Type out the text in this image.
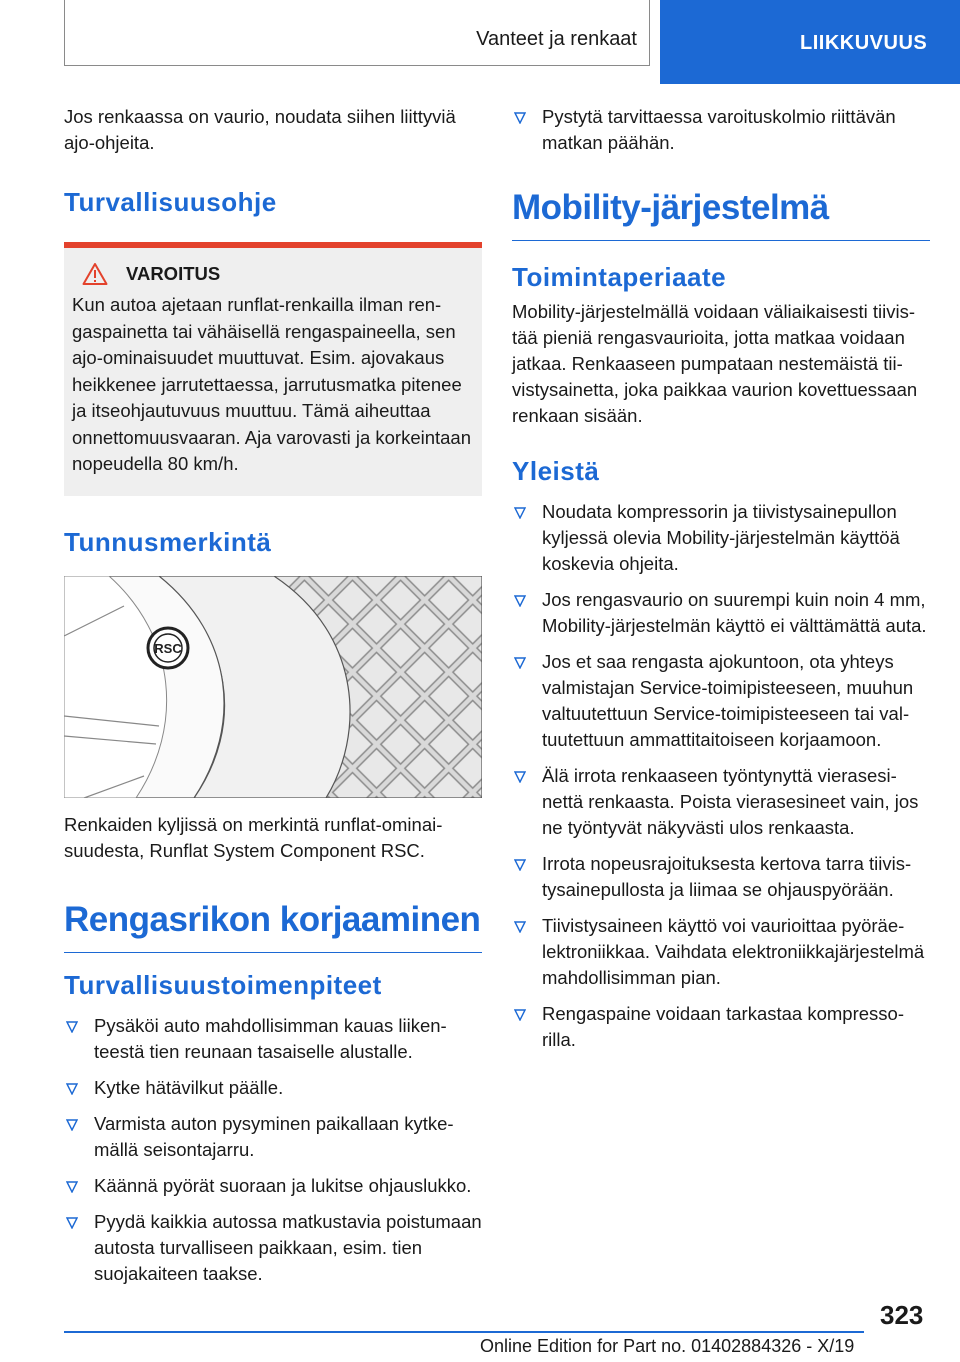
Vanteet ja renkaat	LIIKKUVUUS

Jos renkaassa on vaurio, noudata siihen liittyviä ajo-ohjeita.

Turvallisuusohje
VAROITUS

Kun autoa ajetaan runflat-renkailla ilman rengaspainetta tai vähäisellä rengaspaineella, sen ajo-ominaisuudet muuttuvat. Esim. ajovakaus heikkenee jarrutettaessa, jarrutusmatka pitenee ja itseohjautuvuus muuttuu. Tämä aiheuttaa onnettomuusvaaran. Aja varovasti ja korkeintaan nopeudella 80 km/h.

Tunnusmerkintä
RSC

Renkaiden kyljissä on merkintä runflat-ominaisuudesta, Runflat System Component RSC.

Rengasrikon korjaaminen
Turvallisuustoimenpiteet
Pysäköi auto mahdollisimman kauas liikenteestä tien reunaan tasaiselle alustalle.
Kytke hätävilkut päälle.
Varmista auton pysyminen paikallaan kytkemällä seisontajarru.
Käännä pyörät suoraan ja lukitse ohjauslukko.
Pyydä kaikkia autossa matkustavia poistumaan autosta turvalliseen paikkaan, esim. tien suojakaiteen taakse.
Pystytä tarvittaessa varoituskolmio riittävän matkan päähän.
Mobility-järjestelmä
Toimintaperiaate

Mobility-järjestelmällä voidaan väliaikaisesti tiivistää pieniä rengasvaurioita, jotta matkaa voidaan jatkaa. Renkaaseen pumpataan nestemäistä tiivistysainetta, joka paikkaa vaurion kovettuessaan renkaan sisään.

Yleistä
Noudata kompressorin ja tiivistysainepullon kyljessä olevia Mobility-järjestelmän käyttöä koskevia ohjeita.
Jos rengasvaurio on suurempi kuin noin 4 mm, Mobility-järjestelmän käyttö ei välttämättä auta.
Jos et saa rengasta ajokuntoon, ota yhteys valmistajan Service-toimipisteeseen, muuhun valtuutettuun Service-toimipisteeseen tai valtuutettuun ammattitaitoiseen korjaamoon.
Älä irrota renkaaseen työntynyttä vierasesinettä renkaasta. Poista vierasesineet vain, jos ne työntyvät näkyvästi ulos renkaasta.
Irrota nopeusrajoituksesta kertova tarra tiivistysainepullosta ja liimaa se ohjauspyörään.
Tiivistysaineen käyttö voi vaurioittaa pyöräelektroniikkaa. Vaihdata elektroniikkajärjestelmä mahdollisimman pian.
Rengaspaine voidaan tarkastaa kompressorilla.
323
Online Edition for Part no. 01402884326 - X/19
